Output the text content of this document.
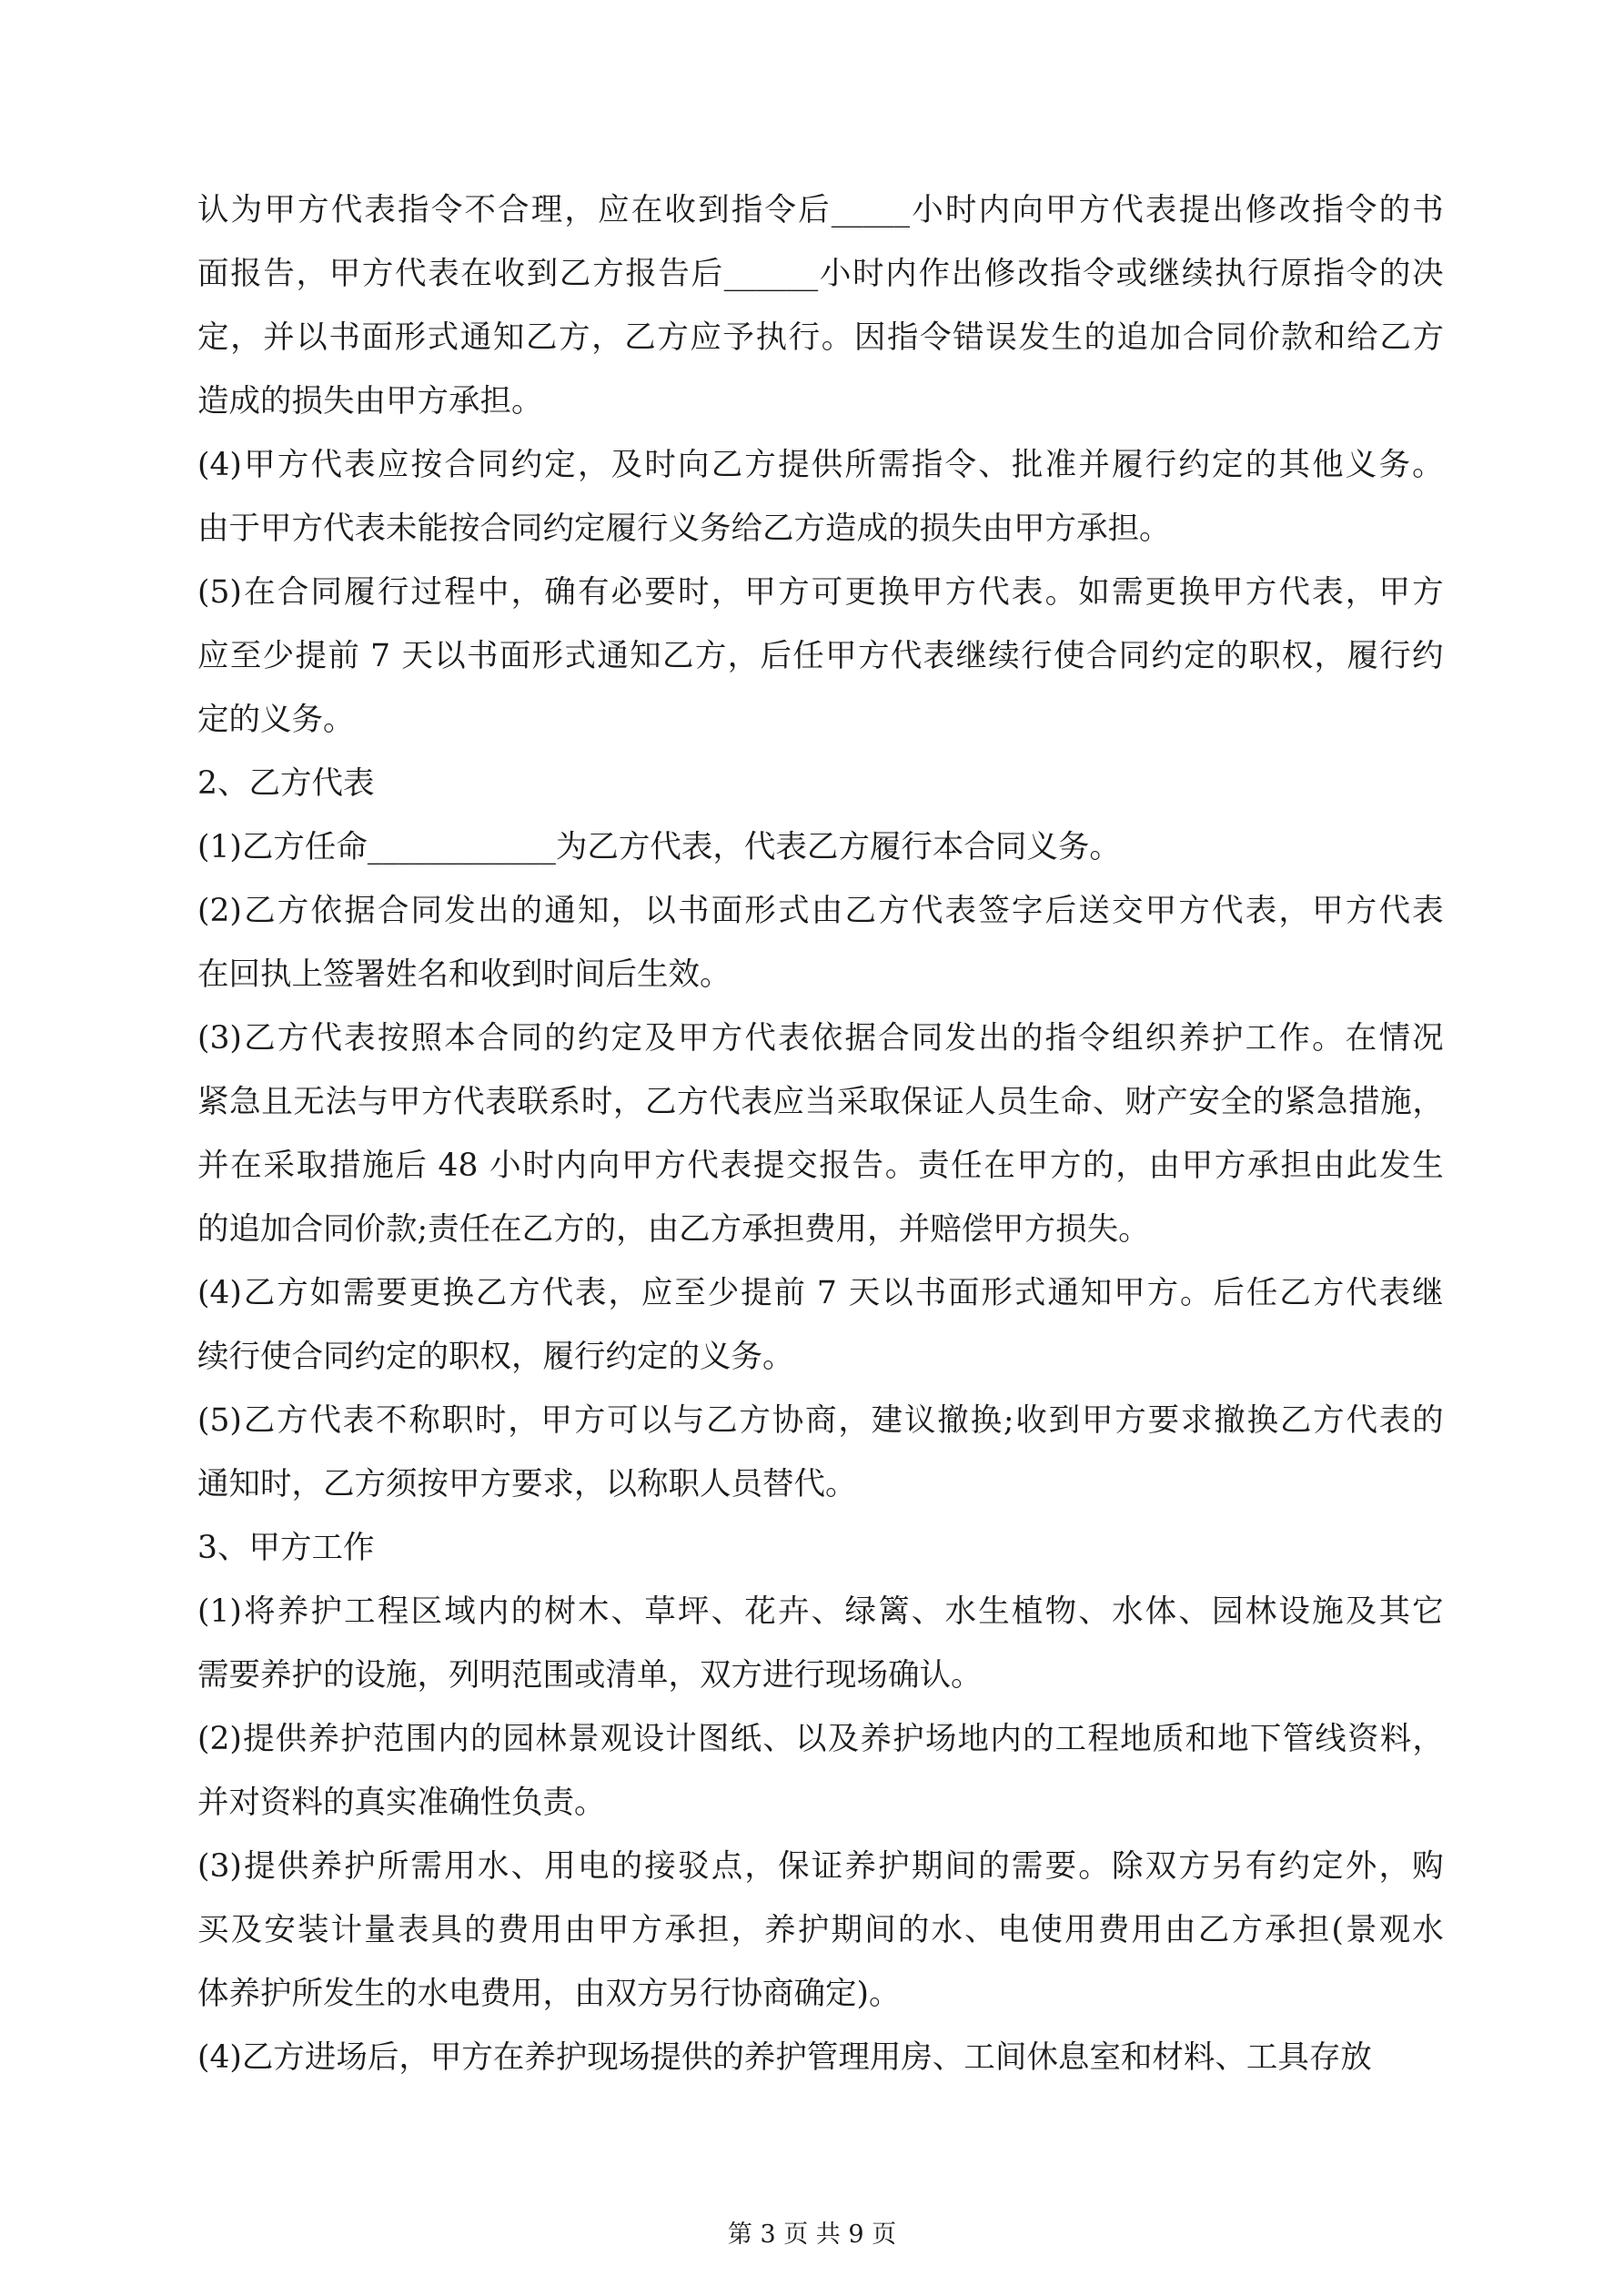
认 为 甲 方 代 表 指 令 不 合 理 ， 应 在 收 到 指 令 后 _____ 小 时 内 向 甲 方 代 表 提 出 修 改 指 令 的 书
面 报 告 ， 甲 方 代 表 在 收 到 乙 方 报 告 后 ______ 小 时 内 作 出 修 改 指 令 或 继 续 执 行 原 指 令 的 决
定 ， 并 以 书 面 形 式 通 知 乙 方 ， 乙 方 应 予 执 行 。 因 指 令 错 误 发 生 的 追 加 合 同 价 款 和 给 乙 方
造成的损失由甲方承担。
(4) 甲 方 代 表 应 按 合 同 约 定 ， 及 时 向 乙 方 提 供 所 需 指 令 、 批 准 并 履 行 约 定 的 其 他 义 务 。
由于甲方代表未能按合同约定履行义务给乙方造成的损失由甲方承担。
(5) 在 合 同 履 行 过 程 中 ， 确 有 必 要 时 ， 甲 方 可 更 换 甲 方 代 表 。 如 需 更 换 甲 方 代 表 ， 甲 方
应 至 少 提 前 7 天 以 书 面 形 式 通 知 乙 方 ， 后 任 甲 方 代 表 继 续 行 使 合 同 约 定 的 职 权 ， 履 行 约
定的义务。
2、乙方代表
(1)乙方任命____________为乙方代表，代表乙方履行本合同义务。
(2) 乙 方 依 据 合 同 发 出 的 通 知 ， 以 书 面 形 式 由 乙 方 代 表 签 字 后 送 交 甲 方 代 表 ， 甲 方 代 表
在回执上签署姓名和收到时间后生效。
(3) 乙 方 代 表 按 照 本 合 同 的 约 定 及 甲 方 代 表 依 据 合 同 发 出 的 指 令 组 织 养 护 工 作 。 在 情 况
紧 急 且 无 法 与 甲 方 代 表 联 系 时 ， 乙 方 代 表 应 当 采 取 保 证 人 员 生 命 、 财 产 安 全 的 紧 急 措 施 ，
并 在 采 取 措 施 后 48 小 时 内 向 甲 方 代 表 提 交 报 告 。 责 任 在 甲 方 的 ， 由 甲 方 承 担 由 此 发 生
的追加合同价款;责任在乙方的，由乙方承担费用，并赔偿甲方损失。
(4) 乙 方 如 需 要 更 换 乙 方 代 表 ， 应 至 少 提 前 7 天 以 书 面 形 式 通 知 甲 方 。 后 任 乙 方 代 表 继
续行使合同约定的职权，履行约定的义务。
(5) 乙 方 代 表 不 称 职 时 ， 甲 方 可 以 与 乙 方 协 商 ， 建 议 撤 换 ; 收 到 甲 方 要 求 撤 换 乙 方 代 表 的
通知时，乙方须按甲方要求，以称职人员替代。
3、甲方工作
(1) 将 养 护 工 程 区 域 内 的 树 木 、 草 坪 、 花 卉 、 绿 篱 、 水 生 植 物 、 水 体 、 园 林 设 施 及 其 它
需要养护的设施，列明范围或清单，双方进行现场确认。
(2) 提 供 养 护 范 围 内 的 园 林 景 观 设 计 图 纸 、 以 及 养 护 场 地 内 的 工 程 地 质 和 地 下 管 线 资 料 ，
并对资料的真实准确性负责。
(3) 提 供 养 护 所 需 用 水 、 用 电 的 接 驳 点 ， 保 证 养 护 期 间 的 需 要 。 除 双 方 另 有 约 定 外 ， 购
买 及 安 装 计 量 表 具 的 费 用 由 甲 方 承 担 ， 养 护 期 间 的 水 、 电 使 用 费 用 由 乙 方 承 担 ( 景 观 水
体养护所发生的水电费用，由双方另行协商确定)。
(4)乙方进场后，甲方在养护现场提供的养护管理用房、工间休息室和材料、工具存放
第 3 页 共 9 页
